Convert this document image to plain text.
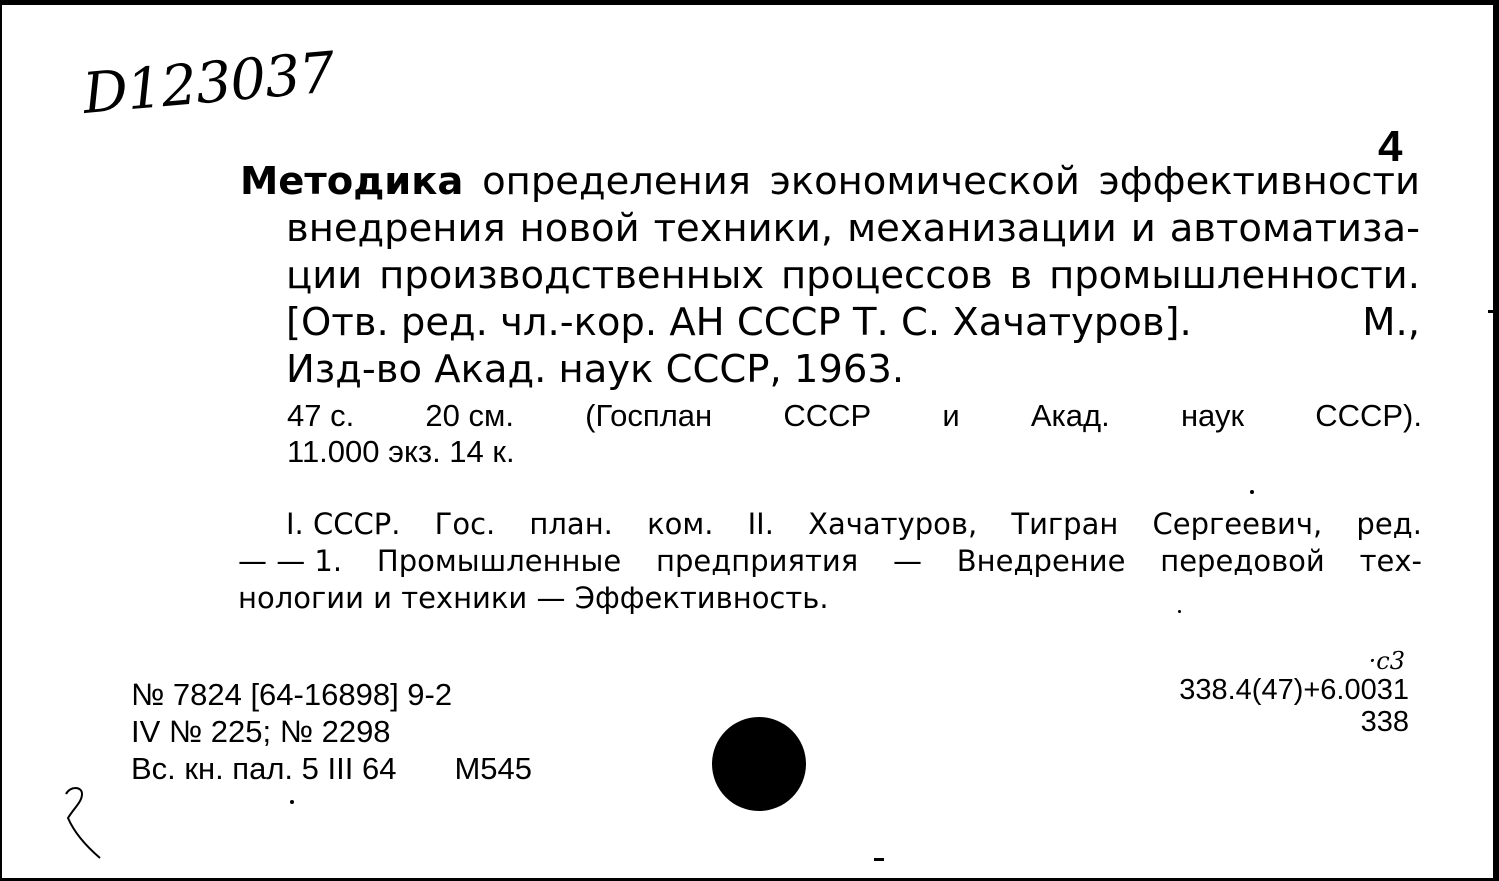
D123037
4
Методика определения экономической эффективности
внедрения новой техники, механизации и автоматиза-
ции производственных процессов в промышленности.
[Отв. ред. чл.-кор. АН СССР Т. С. Хачатуров].	М.,
Изд-во Акад. наук СССР, 1963.
47 с. 20 см. (Госплан СССР и Акад. наук СССР).
11.000 экз. 14 к.
I. СССР. Гос. план. ком. II. Хачатуров, Тигран Сергеевич, ред.
— — 1. Промышленные предприятия — Внедрение передовой тех-
нологии и техники — Эффективность.
·с3
338.4(47)+6.0031
338
№ 7824 [64-16898] 9-2
IV № 225; № 2298
Вс. кн. пал. 5 III 64 М545
